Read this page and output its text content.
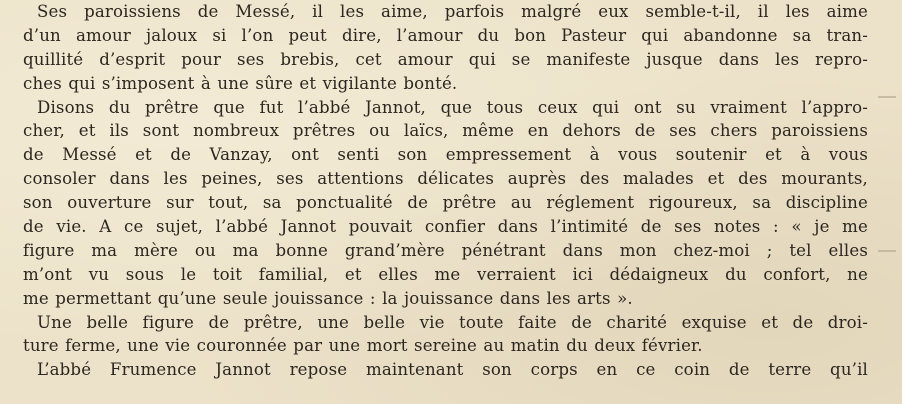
Ses paroissiens de Messé, il les aime, parfois malgré eux semble-t-il, il les aime
d’un amour jaloux si l’on peut dire, l’amour du bon Pasteur qui abandonne sa tran-
quillité d’esprit pour ses brebis, cet amour qui se manifeste jusque dans les repro-
ches qui s’imposent à une sûre et vigilante bonté.
Disons du prêtre que fut l’abbé Jannot, que tous ceux qui ont su vraiment l’appro-
cher, et ils sont nombreux prêtres ou laïcs, même en dehors de ses chers paroissiens
de Messé et de Vanzay, ont senti son empressement à vous soutenir et à vous
consoler dans les peines, ses attentions délicates auprès des malades et des mourants,
son ouverture sur tout, sa ponctualité de prêtre au réglement rigoureux, sa discipline
de vie. A ce sujet, l’abbé Jannot pouvait confier dans l’intimité de ses notes : « je me
figure ma mère ou ma bonne grand’mère pénétrant dans mon chez-moi ; tel elles
m’ont vu sous le toit familial, et elles me verraient ici dédaigneux du confort, ne
me permettant qu’une seule jouissance : la jouissance dans les arts ».
Une belle figure de prêtre, une belle vie toute faite de charité exquise et de droi-
ture ferme, une vie couronnée par une mort sereine au matin du deux février.
L’abbé Frumence Jannot repose maintenant son corps en ce coin de terre qu’il
